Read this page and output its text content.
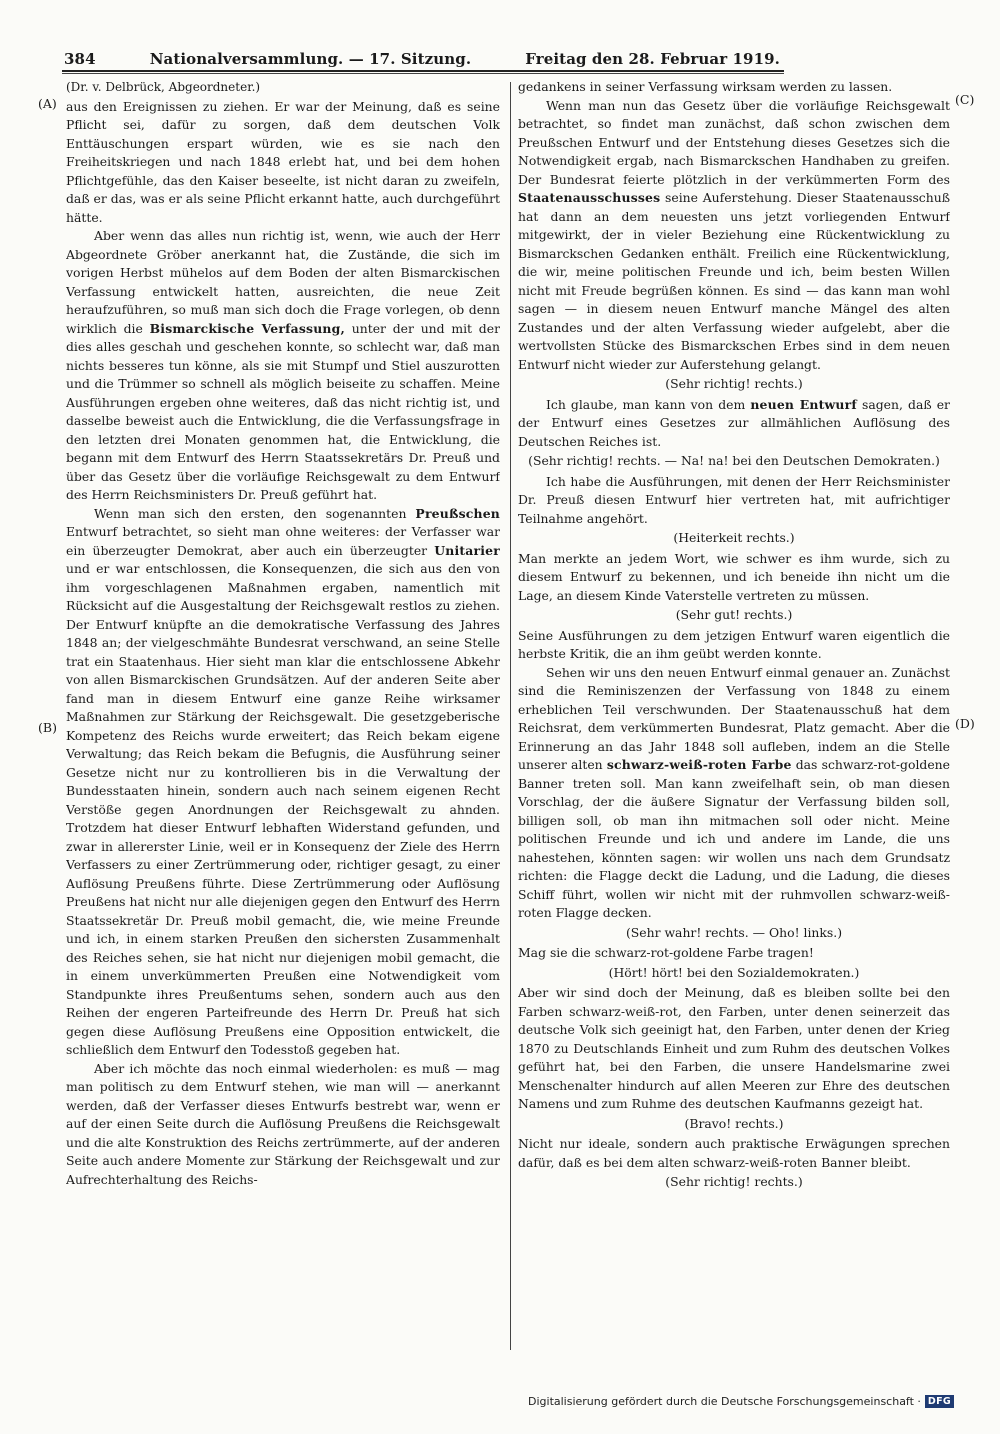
384	Nationalversammlung. — 17. Sitzung.	Freitag den 28. Februar 1919.
(A)
(B)
(C)
(D)
(Dr. v. Delbrück, Abgeordneter.)

aus den Ereignissen zu ziehen. Er war der Meinung, daß es seine Pflicht sei, dafür zu sorgen, daß dem deutschen Volk Enttäuschungen erspart würden, wie es sie nach den Freiheitskriegen und nach 1848 erlebt hat, und bei dem hohen Pflichtgefühle, das den Kaiser beseelte, ist nicht daran zu zweifeln, daß er das, was er als seine Pflicht erkannt hatte, auch durchgeführt hätte.

Aber wenn das alles nun richtig ist, wenn, wie auch der Herr Abgeordnete Gröber anerkannt hat, die Zustände, die sich im vorigen Herbst mühelos auf dem Boden der alten Bismarckischen Verfassung entwickelt hatten, ausreichten, die neue Zeit heraufzuführen, so muß man sich doch die Frage vorlegen, ob denn wirklich die Bismarckische Verfassung, unter der und mit der dies alles geschah und geschehen konnte, so schlecht war, daß man nichts besseres tun könne, als sie mit Stumpf und Stiel auszurotten und die Trümmer so schnell als möglich beiseite zu schaffen. Meine Ausführungen ergeben ohne weiteres, daß das nicht richtig ist, und dasselbe beweist auch die Entwicklung, die die Verfassungsfrage in den letzten drei Monaten genommen hat, die Entwicklung, die begann mit dem Entwurf des Herrn Staatssekretärs Dr. Preuß und über das Gesetz über die vorläufige Reichsgewalt zu dem Entwurf des Herrn Reichsministers Dr. Preuß geführt hat.

Wenn man sich den ersten, den sogenannten Preußschen Entwurf betrachtet, so sieht man ohne weiteres: der Verfasser war ein überzeugter Demokrat, aber auch ein überzeugter Unitarier und er war entschlossen, die Konsequenzen, die sich aus den von ihm vorgeschlagenen Maßnahmen ergaben, namentlich mit Rücksicht auf die Ausgestaltung der Reichsgewalt restlos zu ziehen. Der Entwurf knüpfte an die demokratische Verfassung des Jahres 1848 an; der vielgeschmähte Bundesrat verschwand, an seine Stelle trat ein Staatenhaus. Hier sieht man klar die entschlossene Abkehr von allen Bismarckischen Grundsätzen. Auf der anderen Seite aber fand man in diesem Entwurf eine ganze Reihe wirksamer Maßnahmen zur Stärkung der Reichsgewalt. Die gesetzgeberische Kompetenz des Reichs wurde erweitert; das Reich bekam eigene Verwaltung; das Reich bekam die Befugnis, die Ausführung seiner Gesetze nicht nur zu kontrollieren bis in die Verwaltung der Bundesstaaten hinein, sondern auch nach seinem eigenen Recht Verstöße gegen Anordnungen der Reichsgewalt zu ahnden. Trotzdem hat dieser Entwurf lebhaften Widerstand gefunden, und zwar in allererster Linie, weil er in Konsequenz der Ziele des Herrn Verfassers zu einer Zertrümmerung oder, richtiger gesagt, zu einer Auflösung Preußens führte. Diese Zertrümmerung oder Auflösung Preußens hat nicht nur alle diejenigen gegen den Entwurf des Herrn Staatssekretär Dr. Preuß mobil gemacht, die, wie meine Freunde und ich, in einem starken Preußen den sichersten Zusammenhalt des Reiches sehen, sie hat nicht nur diejenigen mobil gemacht, die in einem unverkümmerten Preußen eine Notwendigkeit vom Standpunkte ihres Preußentums sehen, sondern auch aus den Reihen der engeren Parteifreunde des Herrn Dr. Preuß hat sich gegen diese Auflösung Preußens eine Opposition entwickelt, die schließlich dem Entwurf den Todesstoß gegeben hat.

Aber ich möchte das noch einmal wiederholen: es muß — mag man politisch zu dem Entwurf stehen, wie man will — anerkannt werden, daß der Verfasser dieses Entwurfs bestrebt war, wenn er auf der einen Seite durch die Auflösung Preußens die Reichsgewalt und die alte Konstruktion des Reichs zertrümmerte, auf der anderen Seite auch andere Momente zur Stärkung der Reichsgewalt und zur Aufrechterhaltung des Reichs-

gedankens in seiner Verfassung wirksam werden zu lassen.

Wenn man nun das Gesetz über die vorläufige Reichsgewalt betrachtet, so findet man zunächst, daß schon zwischen dem Preußschen Entwurf und der Entstehung dieses Gesetzes sich die Notwendigkeit ergab, nach Bismarckschen Handhaben zu greifen. Der Bundesrat feierte plötzlich in der verkümmerten Form des Staatenausschusses seine Auferstehung. Dieser Staatenausschuß hat dann an dem neuesten uns jetzt vorliegenden Entwurf mitgewirkt, der in vieler Beziehung eine Rückentwicklung zu Bismarckschen Gedanken enthält. Freilich eine Rückentwicklung, die wir, meine politischen Freunde und ich, beim besten Willen nicht mit Freude begrüßen können. Es sind — das kann man wohl sagen — in diesem neuen Entwurf manche Mängel des alten Zustandes und der alten Verfassung wieder aufgelebt, aber die wertvollsten Stücke des Bismarckschen Erbes sind in dem neuen Entwurf nicht wieder zur Auferstehung gelangt.

(Sehr richtig! rechts.)

Ich glaube, man kann von dem neuen Entwurf sagen, daß er der Entwurf eines Gesetzes zur allmählichen Auflösung des Deutschen Reiches ist.

(Sehr richtig! rechts. — Na! na! bei den Deutschen Demokraten.)

Ich habe die Ausführungen, mit denen der Herr Reichsminister Dr. Preuß diesen Entwurf hier vertreten hat, mit aufrichtiger Teilnahme angehört.

(Heiterkeit rechts.)

Man merkte an jedem Wort, wie schwer es ihm wurde, sich zu diesem Entwurf zu bekennen, und ich beneide ihn nicht um die Lage, an diesem Kinde Vaterstelle vertreten zu müssen.

(Sehr gut! rechts.)

Seine Ausführungen zu dem jetzigen Entwurf waren eigentlich die herbste Kritik, die an ihm geübt werden konnte.

Sehen wir uns den neuen Entwurf einmal genauer an. Zunächst sind die Reminiszenzen der Verfassung von 1848 zu einem erheblichen Teil verschwunden. Der Staatenausschuß hat dem Reichsrat, dem verkümmerten Bundesrat, Platz gemacht. Aber die Erinnerung an das Jahr 1848 soll aufleben, indem an die Stelle unserer alten schwarz-weiß-roten Farbe das schwarz-rot-goldene Banner treten soll. Man kann zweifelhaft sein, ob man diesen Vorschlag, der die äußere Signatur der Verfassung bilden soll, billigen soll, ob man ihn mitmachen soll oder nicht. Meine politischen Freunde und ich und andere im Lande, die uns nahestehen, könnten sagen: wir wollen uns nach dem Grundsatz richten: die Flagge deckt die Ladung, und die Ladung, die dieses Schiff führt, wollen wir nicht mit der ruhmvollen schwarz-weiß-roten Flagge decken.

(Sehr wahr! rechts. — Oho! links.)

Mag sie die schwarz-rot-goldene Farbe tragen!

(Hört! hört! bei den Sozialdemokraten.)

Aber wir sind doch der Meinung, daß es bleiben sollte bei den Farben schwarz-weiß-rot, den Farben, unter denen seinerzeit das deutsche Volk sich geeinigt hat, den Farben, unter denen der Krieg 1870 zu Deutschlands Einheit und zum Ruhm des deutschen Volkes geführt hat, bei den Farben, die unsere Handelsmarine zwei Menschenalter hindurch auf allen Meeren zur Ehre des deutschen Namens und zum Ruhme des deutschen Kaufmanns gezeigt hat.

(Bravo! rechts.)

Nicht nur ideale, sondern auch praktische Erwägungen sprechen dafür, daß es bei dem alten schwarz-weiß-roten Banner bleibt.

(Sehr richtig! rechts.)
Digitalisierung gefördert durch die Deutsche Forschungsgemeinschaft · DFG
